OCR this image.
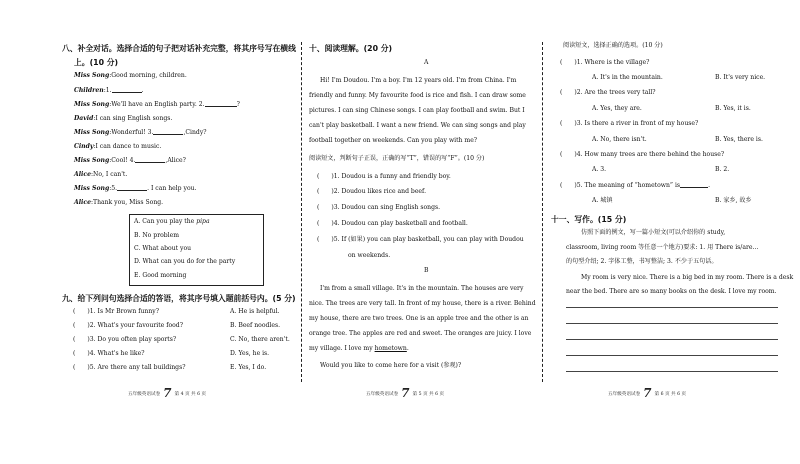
八、补全对话。选择合适的句子把对话补充完整，将其序号写在横线
上。(10 分)
Miss Song:Good morning, children.
Children:1.	.
Miss Song:We'll have an English party. 2.	?
David:I can sing English songs.
Miss Song:Wonderful! 3.	,Cindy?
Cindy:I can dance to music.
Miss Song:Cool! 4.	,Alice?
Alice:No, I can't.
Miss Song:5.	. I can help you.
Alice:Thank you, Miss Song.
A. Can you play the pipa
B. No problem
C. What about you
D. What can you do for the party
E. Good morning
九、给下列问句选择合适的答语，将其序号填入题前括号内。(5 分)
( )1. Is Mr Brown funny?	A. He is helpful.
( )2. What's your favourite food?	B. Beef noodles.
( )3. Do you often play sports?	C. No, there aren't.
( )4. What's he like?	D. Yes, he is.
( )5. Are there any tall buildings?	E. Yes, I do.
五年级英语试卷 7 第 4 页 共 6 页
十、阅读理解。(20 分)
A
Hi! I'm Doudou. I'm a boy. I'm 12 years old. I'm from China. I'm
friendly and funny. My favourite food is rice and fish. I can draw some
pictures. I can sing Chinese songs. I can play football and swim. But I
can't play basketball. I want a new friend. We can sing songs and play
football together on weekends. Can you play with me?
阅读短文，判断句子正误，正确的写“T”，错误的写“F”。(10 分)
( )1. Doudou is a funny and friendly boy.
( )2. Doudou likes rice and beef.
( )3. Doudou can sing English songs.
( )4. Doudou can play basketball and football.
( )5. If (如果) you can play basketball, you can play with Doudou
on weekends.
B
I'm from a small village. It's in the mountain. The houses are very
nice. The trees are very tall. In front of my house, there is a river. Behind
my house, there are two trees. One is an apple tree and the other is an
orange tree. The apples are red and sweet. The oranges are juicy. I love
my village. I love my hometown.
Would you like to come here for a visit (参观)?
五年级英语试卷 7 第 5 页 共 6 页
阅读短文，选择正确的选项。(10 分)
( )1. Where is the village?
A. It's in the mountain.	B. It's very nice.
( )2. Are the trees very tall?
A. Yes, they are.	B. Yes, it is.
( )3. Is there a river in front of my house?
A. No, there isn't.	B. Yes, there is.
( )4. How many trees are there behind the house?
A. 3.	B. 2.
( )5. The meaning of “hometown” is	.
A. 城镇	B. 家乡, 故乡
十一、写作。(15 分)
仿照下面的例文，写一篇小短文(可以介绍你的 study,
classroom, living room 等任意一个地方)要求: 1. 用 There is/are…
的句型介绍; 2. 字体工整，书写整洁; 3. 不少于五句话。
My room is very nice. There is a big bed in my room. There is a desk
near the bed. There are so many books on the desk. I love my room.
五年级英语试卷 7 第 6 页 共 6 页
